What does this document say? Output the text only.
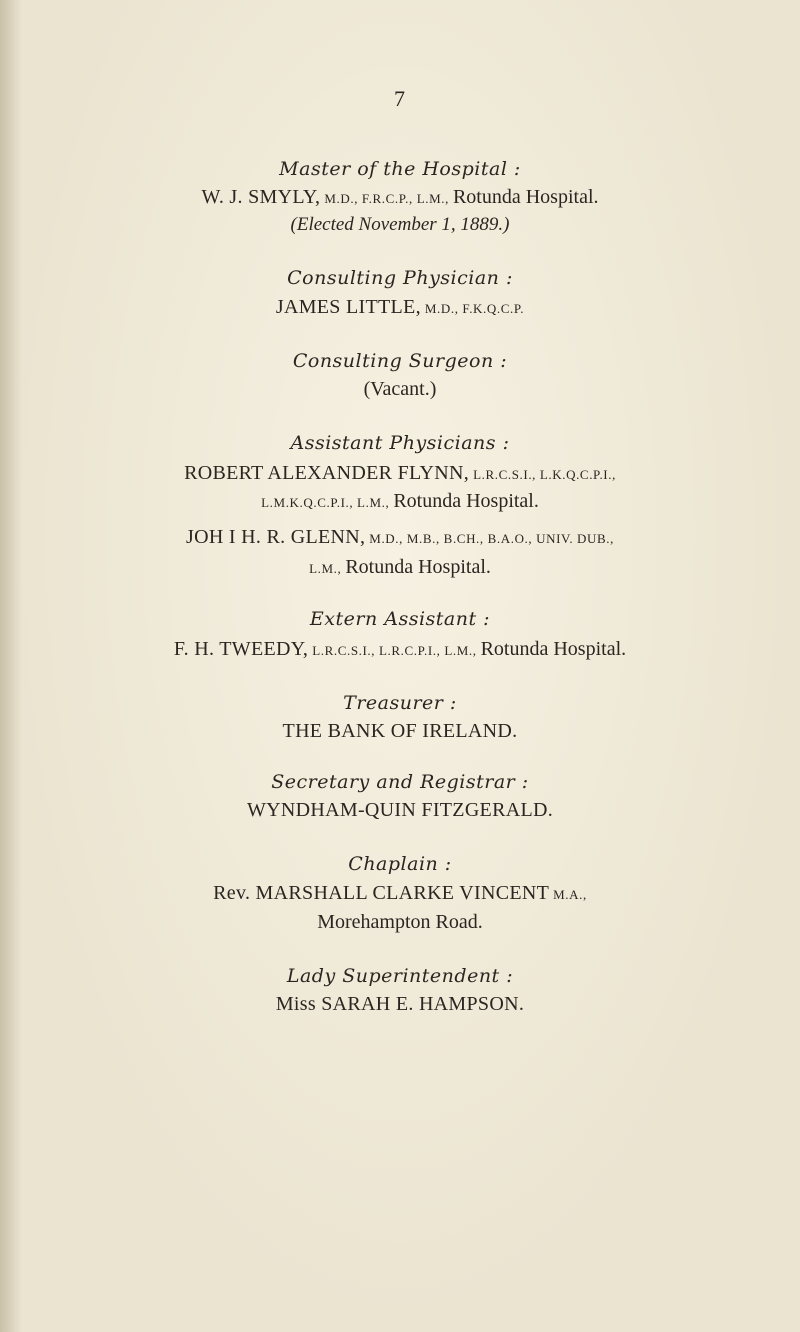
7
Master of the Hospital :
W. J. SMYLY, M.D., F.R.C.P., L.M., Rotunda Hospital.
(Elected November 1, 1889.)
Consulting Physician :
JAMES LITTLE, M.D., F.K.Q.C.P.
Consulting Surgeon :
(Vacant.)
Assistant Physicians :
ROBERT ALEXANDER FLYNN, L.R.C.S.I., L.K.Q.C.P.I.,
L.M.K.Q.C.P.I., L.M., Rotunda Hospital.
JOH I H. R. GLENN, M.D., M.B., B.CH., B.A.O., UNIV. DUB.,
L.M., Rotunda Hospital.
Extern Assistant :
F. H. TWEEDY, L.R.C.S.I., L.R.C.P.I., L.M., Rotunda Hospital.
Treasurer :
THE BANK OF IRELAND.
Secretary and Registrar :
WYNDHAM-QUIN FITZGERALD.
Chaplain :
Rev. MARSHALL CLARKE VINCENT M.A.,
Morehampton Road.
Lady Superintendent :
Miss SARAH E. HAMPSON.
